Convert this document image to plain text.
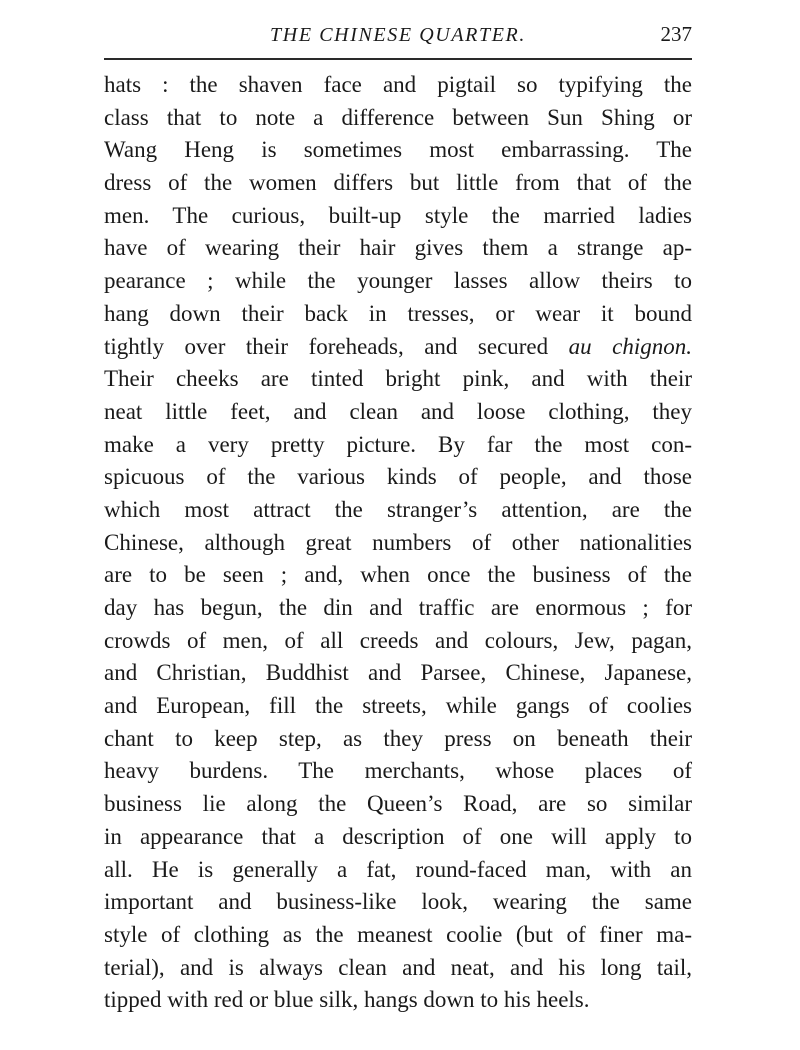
THE CHINESE QUARTER.	237
hats : the shaven face and pigtail so typifying the
class that to note a difference between Sun Shing or
Wang Heng is sometimes most embarrassing. The
dress of the women differs but little from that of the
men. The curious, built-up style the married ladies
have of wearing their hair gives them a strange ap-
pearance ; while the younger lasses allow theirs to
hang down their back in tresses, or wear it bound
tightly over their foreheads, and secured au chignon.
Their cheeks are tinted bright pink, and with their
neat little feet, and clean and loose clothing, they
make a very pretty picture. By far the most con-
spicuous of the various kinds of people, and those
which most attract the stranger’s attention, are the
Chinese, although great numbers of other nationalities
are to be seen ; and, when once the business of the
day has begun, the din and traffic are enormous ; for
crowds of men, of all creeds and colours, Jew, pagan,
and Christian, Buddhist and Parsee, Chinese, Japanese,
and European, fill the streets, while gangs of coolies
chant to keep step, as they press on beneath their
heavy burdens. The merchants, whose places of
business lie along the Queen’s Road, are so similar
in appearance that a description of one will apply to
all. He is generally a fat, round-faced man, with an
important and business-like look, wearing the same
style of clothing as the meanest coolie (but of finer ma-
terial), and is always clean and neat, and his long tail,
tipped with red or blue silk, hangs down to his heels.
